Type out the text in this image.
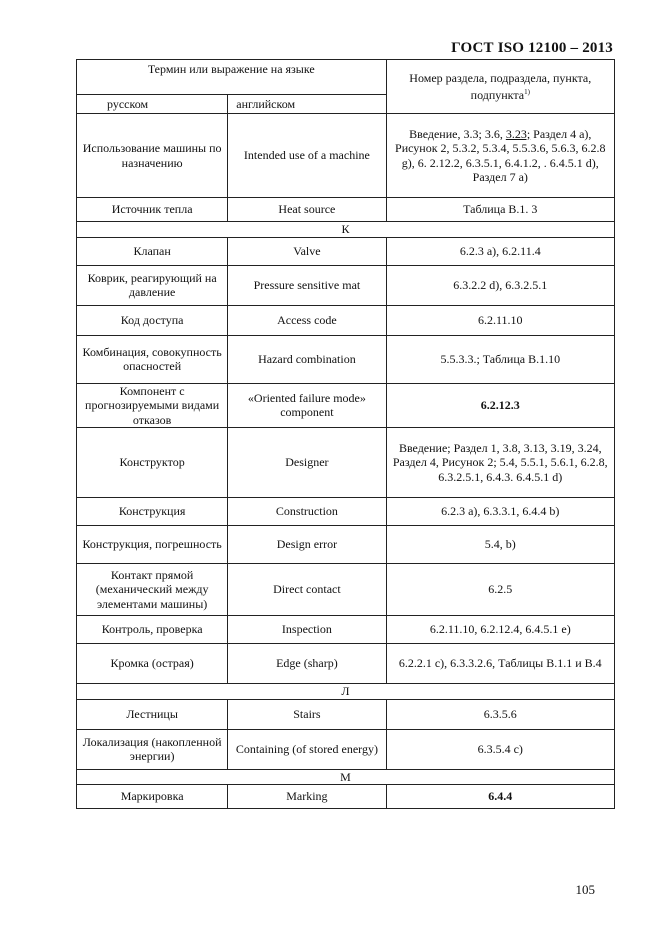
ГОСТ ISO 12100 – 2013
Термин или выражение на языке		Номер раздела, подраздела, пункта, подпункта$^{1)}$
русском	английском	
Использование машины по назначению	Intended use of a machine	Введение, 3.3; 3.6, 3.23; Раздел 4 а), Рисунок 2, 5.3.2, 5.3.4, 5.5.3.6, 5.6.3, 6.2.8 g), 6. 2.12.2, 6.3.5.1, 6.4.1.2, . 6.4.5.1 d), Раздел 7 а)
Источник тепла	Heat source	Таблица В.1. 3
К		
Клапан	Valve	6.2.3 а), 6.2.11.4
Коврик, реагирующий на давление	Pressure sensitive mat	6.3.2.2 d), 6.3.2.5.1
Код доступа	Access code	6.2.11.10
Комбинация, совокупность опасностей	Hazard combination	5.5.3.3.; Таблица В.1.10
Компонент с прогнозируемыми видами отказов	«Oriented failure mode» component	6.2.12.3
Конструктор	Designer	Введение; Раздел 1, 3.8, 3.13, 3.19, 3.24, Раздел 4, Рисунок 2; 5.4, 5.5.1, 5.6.1, 6.2.8, 6.3.2.5.1, 6.4.3. 6.4.5.1 d)
Конструкция	Construction	6.2.3 а), 6.3.3.1, 6.4.4 b)
Конструкция, погрешность	Design error	5.4, b)
Контакт прямой (механический между элементами машины)	Direct contact	6.2.5
Контроль, проверка	Inspection	6.2.11.10, 6.2.12.4, 6.4.5.1 е)
Кромка (острая)	Edge (sharp)	6.2.2.1 с), 6.3.3.2.6, Таблицы В.1.1 и В.4
Л		
Лестницы	Stairs	6.3.5.6
Локализация (накопленной энергии)	Containing (of stored energy)	6.3.5.4 с)
М		
Маркировка	Marking	6.4.4
105
